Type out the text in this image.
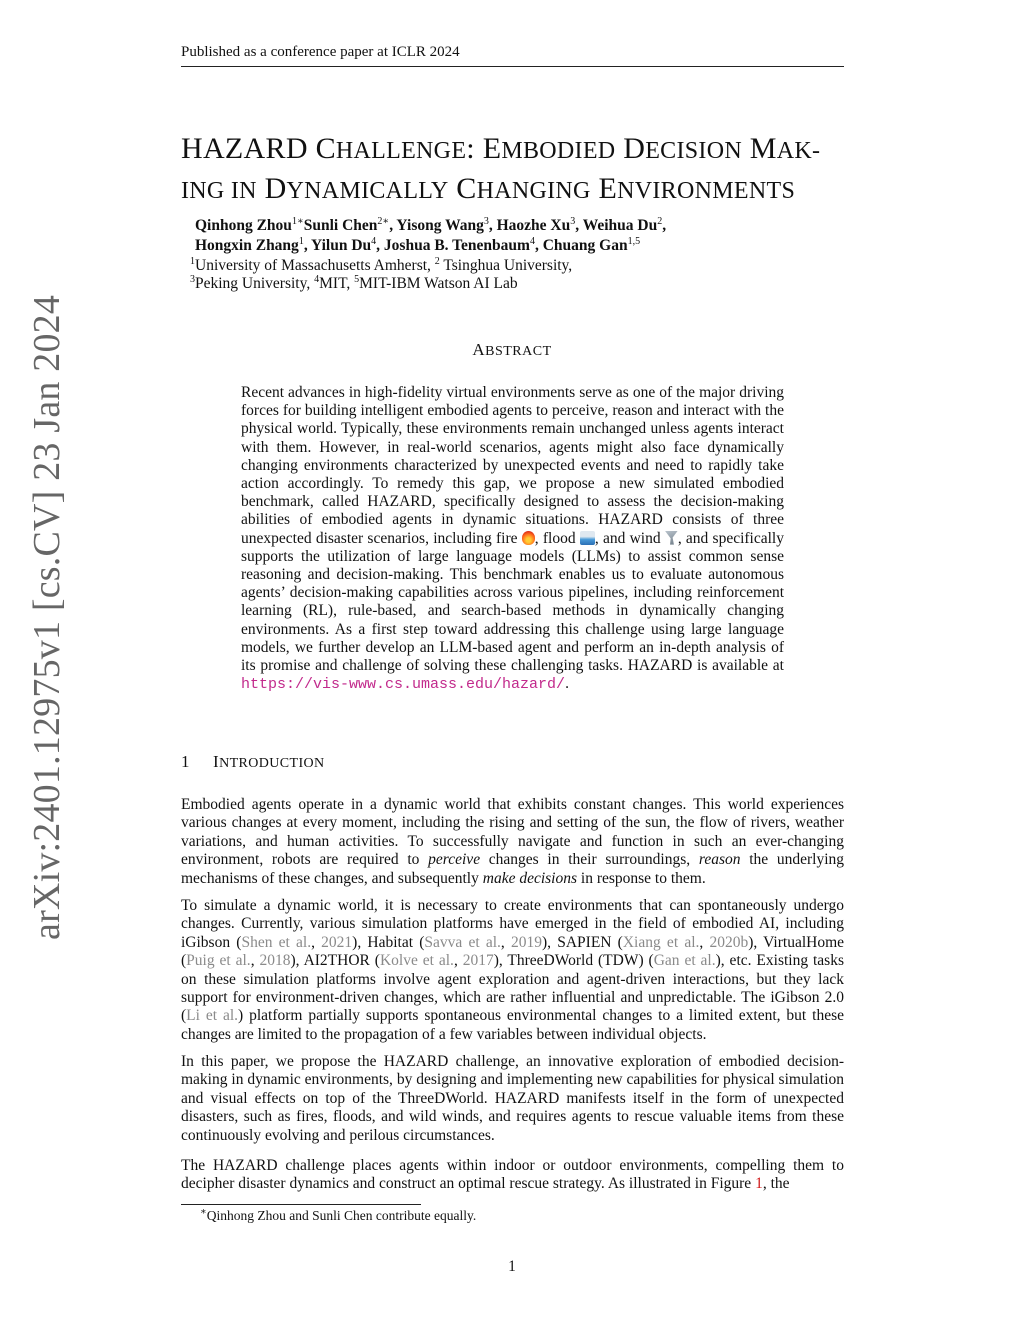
Published as a conference paper at ICLR 2024
arXiv:2401.12975v1 [cs.CV] 23 Jan 2024
HAZARD CHALLENGE: EMBODIED DECISION MAK-
ING IN DYNAMICALLY CHANGING ENVIRONMENTS
Qinhong Zhou$^{1∗}$Sunli Chen$^{2∗}$, Yisong Wang$^3$, Haozhe Xu$^3$, Weihua Du$^2$,
Hongxin Zhang$^1$, Yilun Du$^4$, Joshua B. Tenenbaum$^4$, Chuang Gan$^{1,5}$
$^1$University of Massachusetts Amherst, $^2$ Tsinghua University,
$^3$Peking University, $^4$MIT, $^5$MIT-IBM Watson AI Lab
ABSTRACT
Recent advances in high-fidelity virtual environments serve as one of the major driving forces for building intelligent embodied agents to perceive, reason and interact with the physical world. Typically, these environments remain unchanged unless agents interact with them. However, in real-world scenarios, agents might also face dynamically changing environments characterized by unexpected events and need to rapidly take action accordingly. To remedy this gap, we propose a new simulated embodied benchmark, called HAZARD, specifically designed to assess the decision-making abilities of embodied agents in dynamic situations. HAZARD consists of three unexpected disaster scenarios, including fire , flood , and wind , and specifically supports the utilization of large language models (LLMs) to assist common sense reasoning and decision-making. This benchmark enables us to evaluate autonomous agents’ decision-making capabilities across various pipelines, including reinforcement learning (RL), rule-based, and search-based methods in dynamically changing environments. As a first step toward addressing this challenge using large language models, we further develop an LLM-based agent and perform an in-depth analysis of its promise and challenge of solving these challenging tasks. HAZARD is available at https://vis-www.cs.umass.edu/hazard/.
1 INTRODUCTION
Embodied agents operate in a dynamic world that exhibits constant changes. This world experiences various changes at every moment, including the rising and setting of the sun, the flow of rivers, weather variations, and human activities. To successfully navigate and function in such an ever-changing environment, robots are required to perceive changes in their surroundings, reason the underlying mechanisms of these changes, and subsequently make decisions in response to them.
To simulate a dynamic world, it is necessary to create environments that can spontaneously undergo changes. Currently, various simulation platforms have emerged in the field of embodied AI, including iGibson (Shen et al., 2021), Habitat (Savva et al., 2019), SAPIEN (Xiang et al., 2020b), VirtualHome (Puig et al., 2018), AI2THOR (Kolve et al., 2017), ThreeDWorld (TDW) (Gan et al.), etc. Existing tasks on these simulation platforms involve agent exploration and agent-driven interactions, but they lack support for environment-driven changes, which are rather influential and unpredictable. The iGibson 2.0 (Li et al.) platform partially supports spontaneous environmental changes to a limited extent, but these changes are limited to the propagation of a few variables between individual objects.
In this paper, we propose the HAZARD challenge, an innovative exploration of embodied decision-making in dynamic environments, by designing and implementing new capabilities for physical simulation and visual effects on top of the ThreeDWorld. HAZARD manifests itself in the form of unexpected disasters, such as fires, floods, and wild winds, and requires agents to rescue valuable items from these continuously evolving and perilous circumstances.
The HAZARD challenge places agents within indoor or outdoor environments, compelling them to decipher disaster dynamics and construct an optimal rescue strategy. As illustrated in Figure 1, the
∗Qinhong Zhou and Sunli Chen contribute equally.
1
